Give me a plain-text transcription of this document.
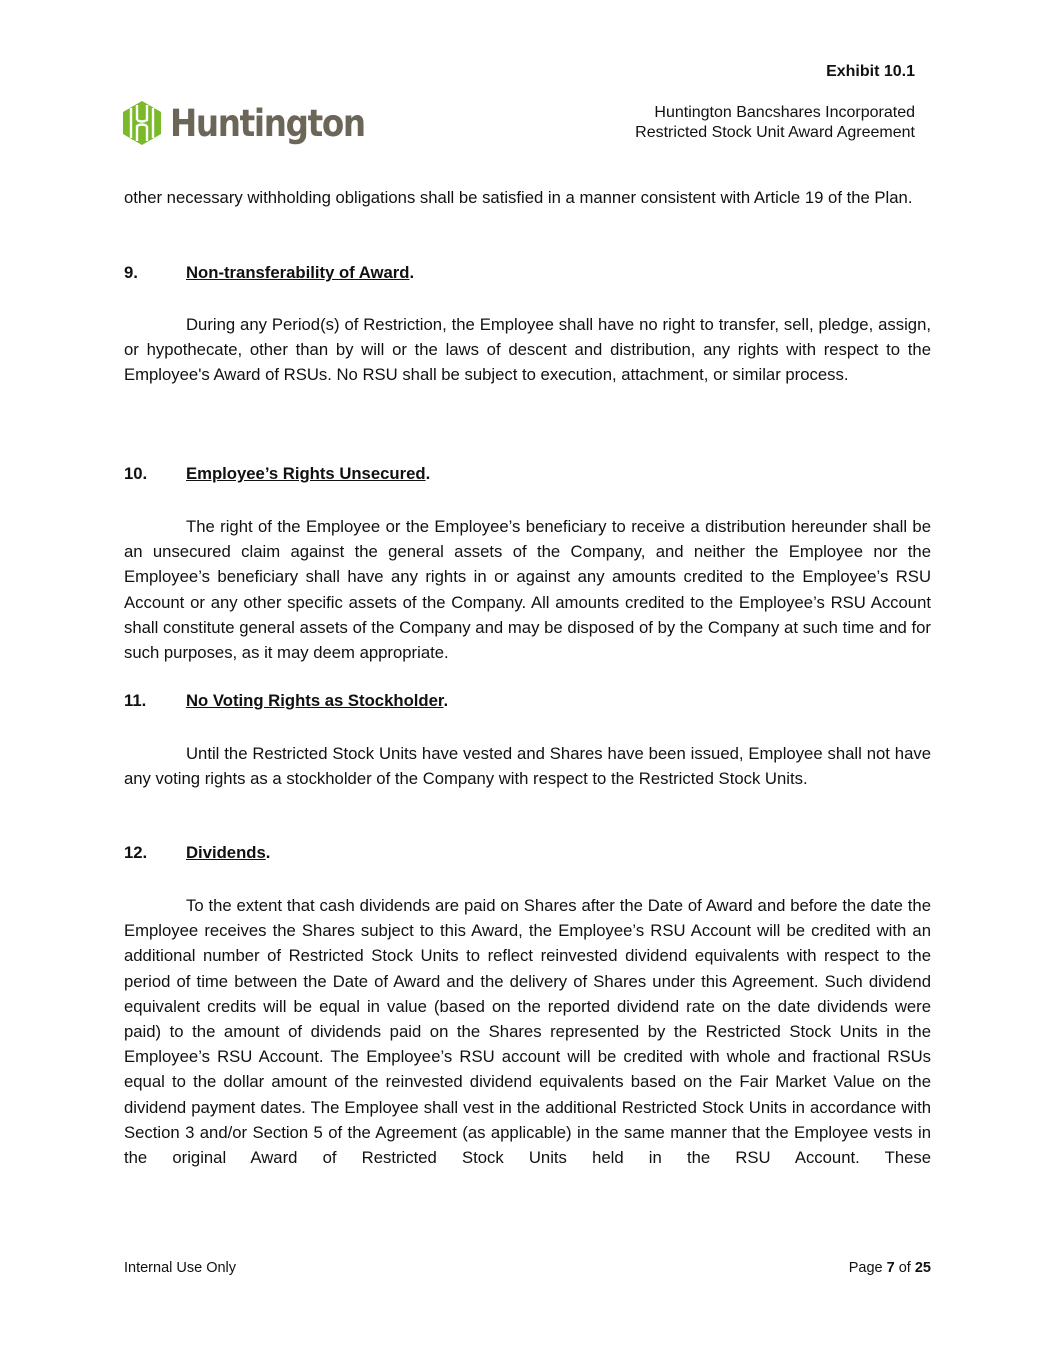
Exhibit 10.1
Huntington	Huntington Bancshares Incorporated
Restricted Stock Unit Award Agreement

other necessary withholding obligations shall be satisfied in a manner consistent with Article 19 of the Plan.

9.	Non-transferability of Award.

During any Period(s) of Restriction, the Employee shall have no right to transfer, sell, pledge, assign, or hypothecate, other than by will or the laws of descent and distribution, any rights with respect to the Employee's Award of RSUs. No RSU shall be subject to execution, attachment, or similar process.

10. Employee’s Rights Unsecured.

The right of the Employee or the Employee’s beneficiary to receive a distribution hereunder shall be an unsecured claim against the general assets of the Company, and neither the Employee nor the Employee’s beneficiary shall have any rights in or against any amounts credited to the Employee’s RSU Account or any other specific assets of the Company. All amounts credited to the Employee’s RSU Account shall constitute general assets of the Company and may be disposed of by the Company at such time and for such purposes, as it may deem appropriate.

11. No Voting Rights as Stockholder.

Until the Restricted Stock Units have vested and Shares have been issued, Employee shall not have any voting rights as a stockholder of the Company with respect to the Restricted Stock Units.

12. Dividends.

To the extent that cash dividends are paid on Shares after the Date of Award and before the date the Employee receives the Shares subject to this Award, the Employee’s RSU Account will be credited with an additional number of Restricted Stock Units to reflect reinvested dividend equivalents with respect to the period of time between the Date of Award and the delivery of Shares under this Agreement. Such dividend equivalent credits will be equal in value (based on the reported dividend rate on the date dividends were paid) to the amount of dividends paid on the Shares represented by the Restricted Stock Units in the Employee’s RSU Account. The Employee’s RSU account will be credited with whole and fractional RSUs equal to the dollar amount of the reinvested dividend equivalents based on the Fair Market Value on the dividend payment dates. The Employee shall vest in the additional Restricted Stock Units in accordance with Section 3 and/or Section 5 of the Agreement (as applicable) in the same manner that the Employee vests in the original Award of Restricted Stock Units held in the RSU Account. These

Internal Use Only	Page 7 of 25
